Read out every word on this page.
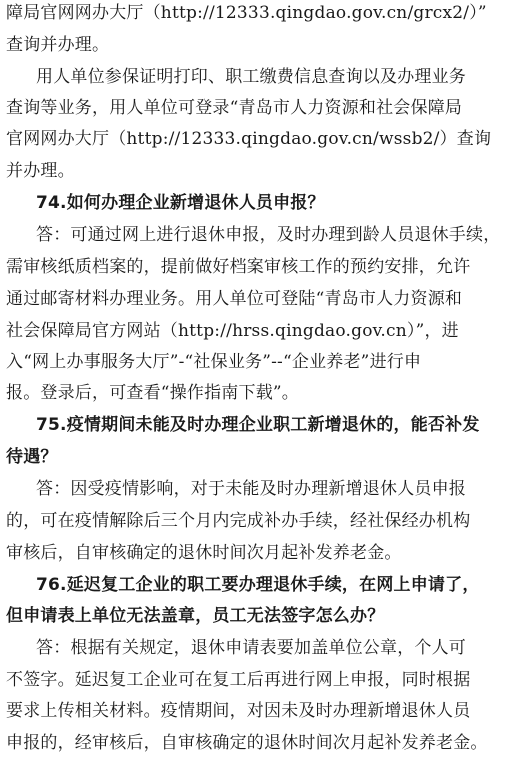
障局官网网办大厅（http://12333.qingdao.gov.cn/grcx2/）”
查询并办理。
用人单位参保证明打印、职工缴费信息查询以及办理业务
查询等业务，用人单位可登录“青岛市人力资源和社会保障局
官网网办大厅（http://12333.qingdao.gov.cn/wssb2/）查询
并办理。
74.如何办理企业新增退休人员申报？
答：可通过网上进行退休申报，及时办理到龄人员退休手续，
需审核纸质档案的，提前做好档案审核工作的预约安排，允许
通过邮寄材料办理业务。用人单位可登陆“青岛市人力资源和
社会保障局官方网站（http://hrss.qingdao.gov.cn）”，进
入“网上办事服务大厅”-“社保业务”--“企业养老”进行申
报。登录后，可查看“操作指南下载”。
75.疫情期间未能及时办理企业职工新增退休的，能否补发
待遇？
答：因受疫情影响，对于未能及时办理新增退休人员申报
的，可在疫情解除后三个月内完成补办手续，经社保经办机构
审核后，自审核确定的退休时间次月起补发养老金。
76.延迟复工企业的职工要办理退休手续，在网上申请了，
但申请表上单位无法盖章，员工无法签字怎么办？
答：根据有关规定，退休申请表要加盖单位公章，个人可
不签字。延迟复工企业可在复工后再进行网上申报，同时根据
要求上传相关材料。疫情期间，对因未及时办理新增退休人员
申报的，经审核后，自审核确定的退休时间次月起补发养老金。
